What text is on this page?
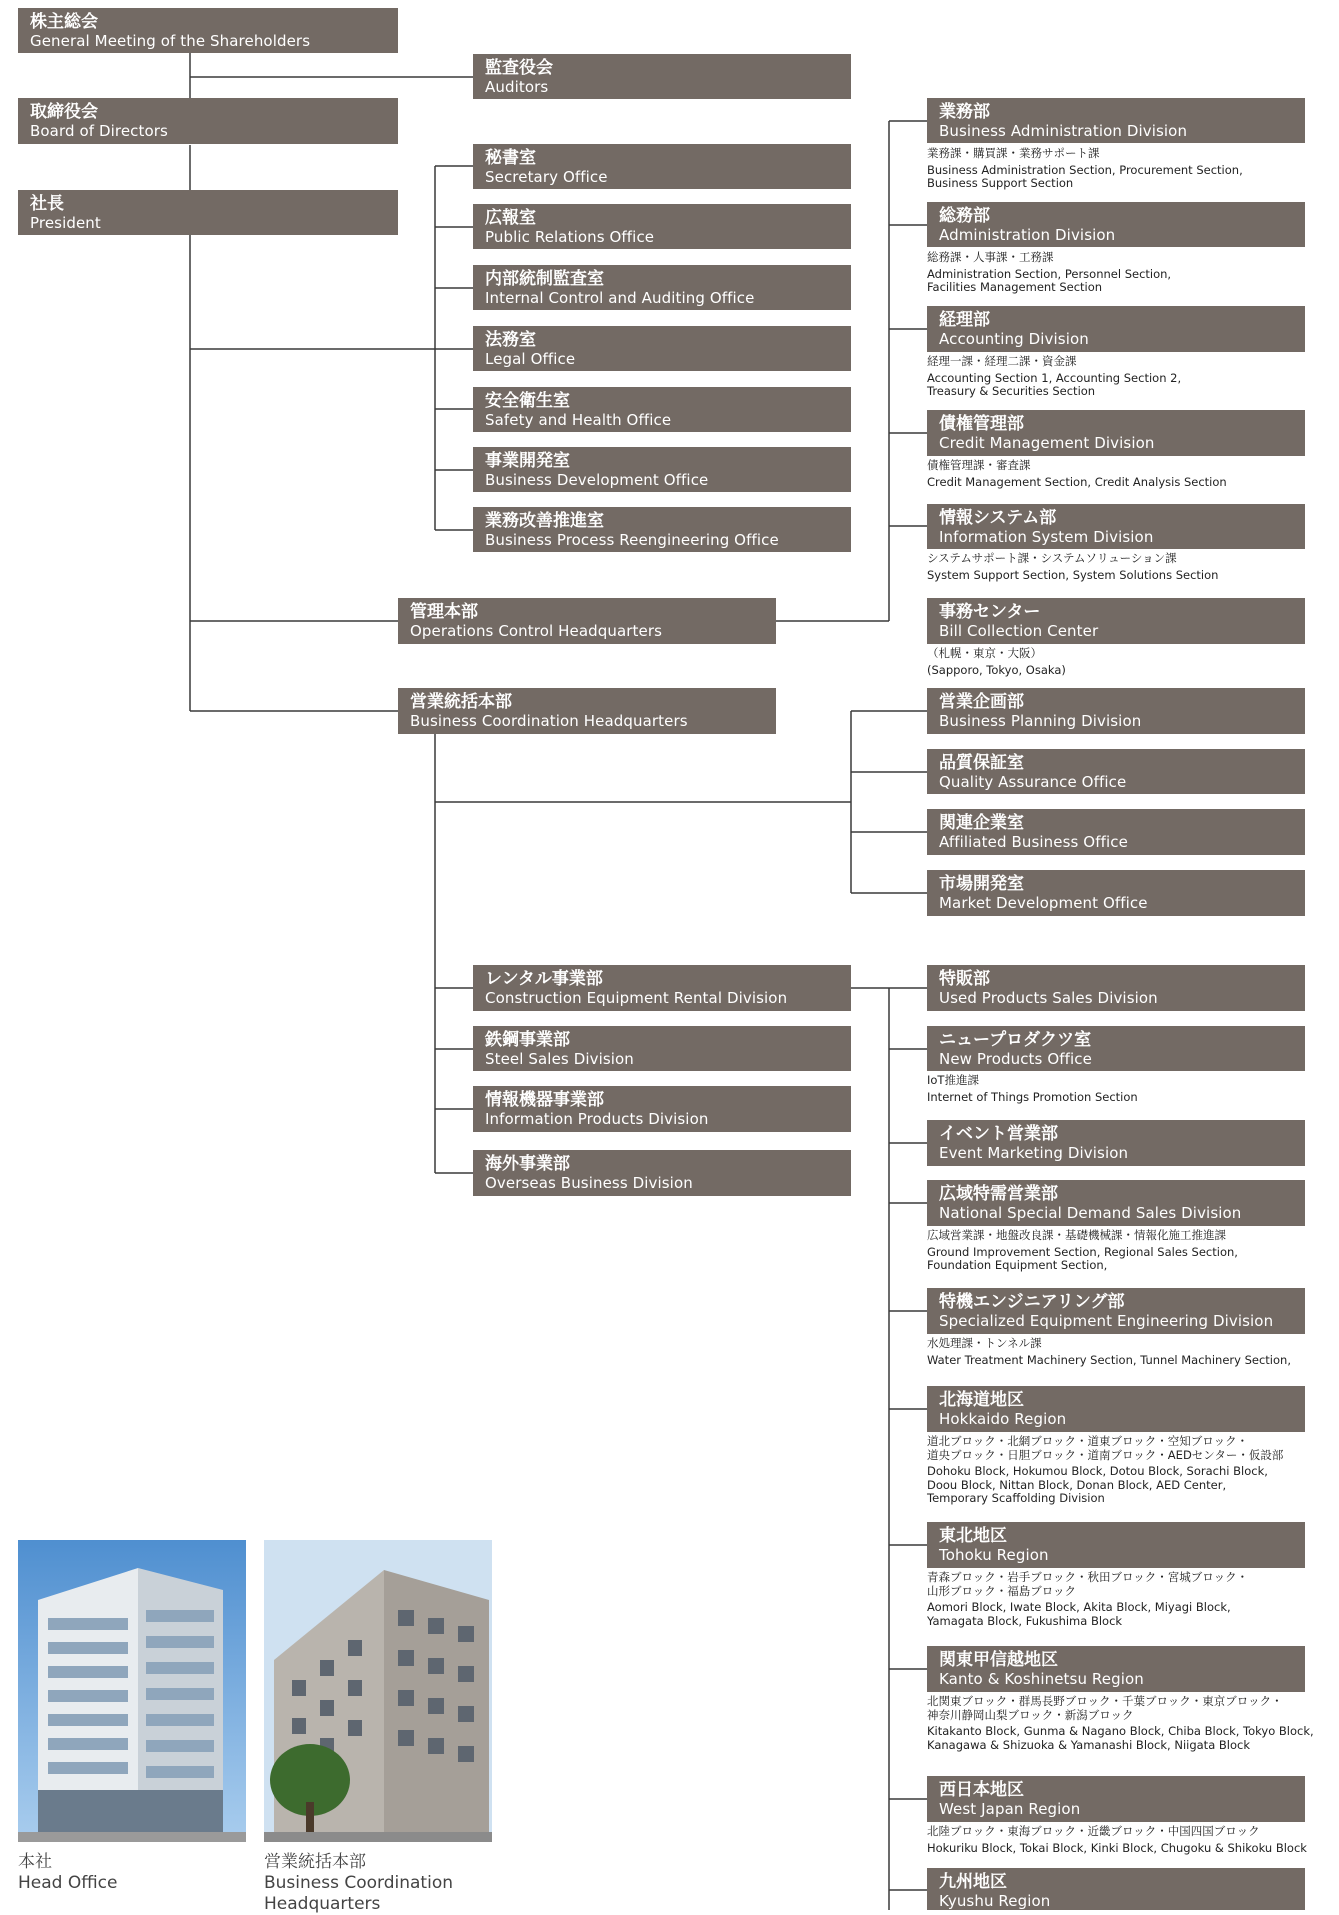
株主総会
General Meeting of the Shareholders
監査役会
Auditors
取締役会
Board of Directors
社長
President
秘書室
Secretary Office
広報室
Public Relations Office
内部統制監査室
Internal Control and Auditing Office
法務室
Legal Office
安全衛生室
Safety and Health Office
事業開発室
Business Development Office
業務改善推進室
Business Process Reengineering Office
管理本部
Operations Control Headquarters
営業統括本部
Business Coordination Headquarters
業務部
Business Administration Division
業務課・購買課・業務サポート課
Business Administration Section, Procurement Section,
Business Support Section
総務部
Administration Division
総務課・人事課・工務課
Administration Section, Personnel Section,
Facilities Management Section
経理部
Accounting Division
経理一課・経理二課・資金課
Accounting Section 1, Accounting Section 2,
Treasury & Securities Section
債権管理部
Credit Management Division
債権管理課・審査課
Credit Management Section, Credit Analysis Section
情報システム部
Information System Division
システムサポート課・システムソリューション課
System Support Section, System Solutions Section
事務センター
Bill Collection Center
（札幌・東京・大阪）
(Sapporo, Tokyo, Osaka)
営業企画部
Business Planning Division
品質保証室
Quality Assurance Office
関連企業室
Affiliated Business Office
市場開発室
Market Development Office
レンタル事業部
Construction Equipment Rental Division
鉄鋼事業部
Steel Sales Division
情報機器事業部
Information Products Division
海外事業部
Overseas Business Division
特販部
Used Products Sales Division
ニュープロダクツ室
New Products Office
IoT推進課
Internet of Things Promotion Section
イベント営業部
Event Marketing Division
広域特需営業部
National Special Demand Sales Division
広域営業課・地盤改良課・基礎機械課・情報化施工推進課
Ground Improvement Section, Regional Sales Section,
Foundation Equipment Section,
特機エンジニアリング部
Specialized Equipment Engineering Division
水処理課・トンネル課
Water Treatment Machinery Section, Tunnel Machinery Section,
北海道地区
Hokkaido Region
道北ブロック・北網ブロック・道東ブロック・空知ブロック・
道央ブロック・日胆ブロック・道南ブロック・AEDセンター・仮設部
Dohoku Block, Hokumou Block, Dotou Block, Sorachi Block,
Doou Block, Nittan Block, Donan Block, AED Center,
Temporary Scaffolding Division
東北地区
Tohoku Region
青森ブロック・岩手ブロック・秋田ブロック・宮城ブロック・
山形ブロック・福島ブロック
Aomori Block, Iwate Block, Akita Block, Miyagi Block,
Yamagata Block, Fukushima Block
関東甲信越地区
Kanto & Koshinetsu Region
北関東ブロック・群馬長野ブロック・千葉ブロック・東京ブロック・
神奈川静岡山梨ブロック・新潟ブロック
Kitakanto Block, Gunma & Nagano Block, Chiba Block, Tokyo Block,
Kanagawa & Shizuoka & Yamanashi Block, Niigata Block
西日本地区
West Japan Region
北陸ブロック・東海ブロック・近畿ブロック・中国四国ブロック
Hokuriku Block, Tokai Block, Kinki Block, Chugoku & Shikoku Block
九州地区
Kyushu Region
本社
Head Office
営業統括本部
Business Coordination
Headquarters
